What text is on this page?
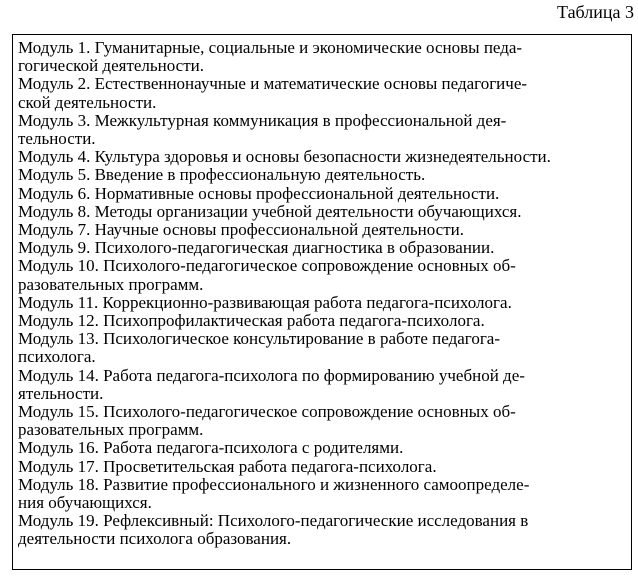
Таблица 3
Модуль 1. Гуманитарные, социальные и экономические основы педа-
гогической деятельности.
Модуль 2. Естественнонаучные и математические основы педагогиче-
ской деятельности.
Модуль 3. Межкультурная коммуникация в профессиональной дея-
тельности.
Модуль 4. Культура здоровья и основы безопасности жизнедеятельности.
Модуль 5. Введение в профессиональную деятельность.
Модуль 6. Нормативные основы профессиональной деятельности.
Модуль 8. Методы организации учебной деятельности обучающихся.
Модуль 7. Научные основы профессиональной деятельности.
Модуль 9. Психолого-педагогическая диагностика в образовании.
Модуль 10. Психолого-педагогическое сопровождение основных об-
разовательных программ.
Модуль 11. Коррекционно-развивающая работа педагога-психолога.
Модуль 12. Психопрофилактическая работа педагога-психолога.
Модуль 13. Психологическое консультирование в работе педагога-
психолога.
Модуль 14. Работа педагога-психолога по формированию учебной де-
ятельности.
Модуль 15. Психолого-педагогическое сопровождение основных об-
разовательных программ.
Модуль 16. Работа педагога-психолога с родителями.
Модуль 17. Просветительская работа педагога-психолога.
Модуль 18. Развитие профессионального и жизненного самоопределе-
ния обучающихся.
Модуль 19. Рефлексивный: Психолого-педагогические исследования в
деятельности психолога образования.
